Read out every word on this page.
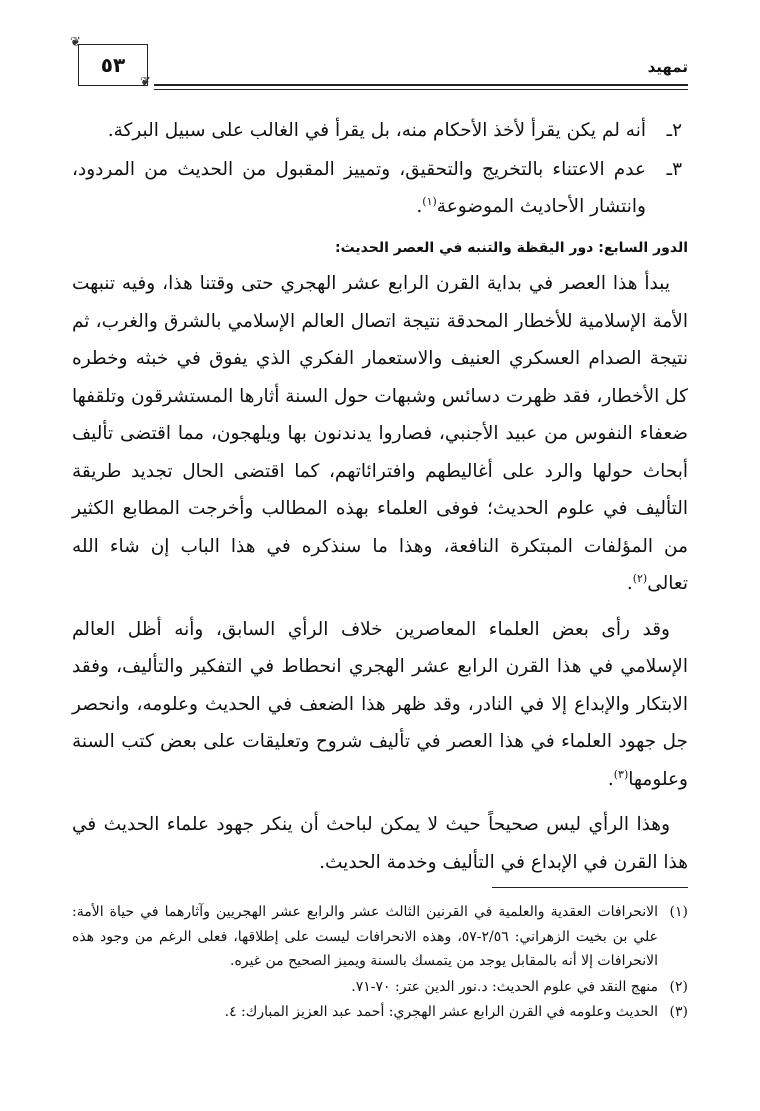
تمهيد
❦
٥٣
❦
٢ـ
أنه لم يكن يقرأ لأخذ الأحكام منه، بل يقرأ في الغالب على سبيل البركة.
٣ـ
عدم الاعتناء بالتخريج والتحقيق، وتمييز المقبول من الحديث من المردود، وانتشار الأحاديث الموضوعة$^{(١)}$.
الدور السابع: دور اليقظة والتنبه في العصر الحديث:

يبدأ هذا العصر في بداية القرن الرابع عشر الهجري حتى وقتنا هذا، وفيه تنبهت الأمة الإسلامية للأخطار المحدقة نتيجة اتصال العالم الإسلامي بالشرق والغرب، ثم نتيجة الصدام العسكري العنيف والاستعمار الفكري الذي يفوق في خبثه وخطره كل الأخطار، فقد ظهرت دسائس وشبهات حول السنة أثارها المستشرقون وتلقفها ضعفاء النفوس من عبيد الأجنبي، فصاروا يدندنون بها ويلهجون، مما اقتضى تأليف أبحاث حولها والرد على أغاليطهم وافترائاتهم، كما اقتضى الحال تجديد طريقة التأليف في علوم الحديث؛ فوفى العلماء بهذه المطالب وأخرجت المطابع الكثير من المؤلفات المبتكرة النافعة، وهذا ما سنذكره في هذا الباب إن شاء الله تعالى$^{(٢)}$.

وقد رأى بعض العلماء المعاصرين خلاف الرأي السابق، وأنه أظل العالم الإسلامي في هذا القرن الرابع عشر الهجري انحطاط في التفكير والتأليف، وفقد الابتكار والإبداع إلا في النادر، وقد ظهر هذا الضعف في الحديث وعلومه، وانحصر جل جهود العلماء في هذا العصر في تأليف شروح وتعليقات على بعض كتب السنة وعلومها$^{(٣)}$.

وهذا الرأي ليس صحيحاً حيث لا يمكن لباحث أن ينكر جهود علماء الحديث في هذا القرن في الإبداع في التأليف وخدمة الحديث.

(١)
الانحرافات العقدية والعلمية في القرنين الثالث عشر والرابع عشر الهجريين وآثارهما في حياة الأمة: علي بن بخيت الزهراني: ٢/٥٦-٥٧، وهذه الانحرافات ليست على إطلاقها، فعلى الرغم من وجود هذه الانحرافات إلا أنه بالمقابل يوجد من يتمسك بالسنة ويميز الصحيح من غيره.
(٢)
منهج النقد في علوم الحديث: د.نور الدين عتر: ٧٠-٧١.
(٣)
الحديث وعلومه في القرن الرابع عشر الهجري: أحمد عبد العزيز المبارك: ٤.
